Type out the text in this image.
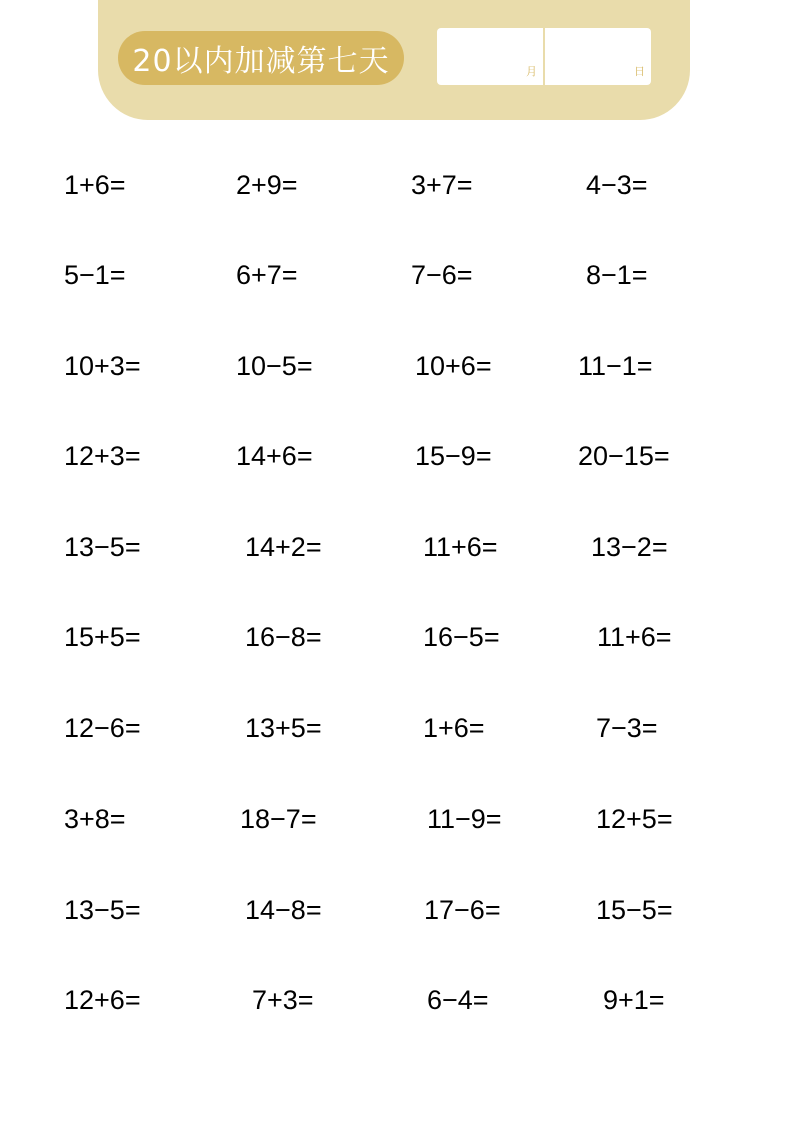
20以内加减第七天	月	日
1+6=	2+9=	3+7=	4−3=
5−1=	6+7=	7−6=	8−1=
10+3=	10−5=	10+6=	11−1=
12+3=	14+6=	15−9=	20−15=
13−5=	14+2=	11+6=	13−2=
15+5=	16−8=	16−5=	11+6=
12−6=	13+5=	1+6=	7−3=
3+8=	18−7=	11−9=	12+5=
13−5=	14−8=	17−6=	15−5=
12+6=	7+3=	6−4=	9+1=
